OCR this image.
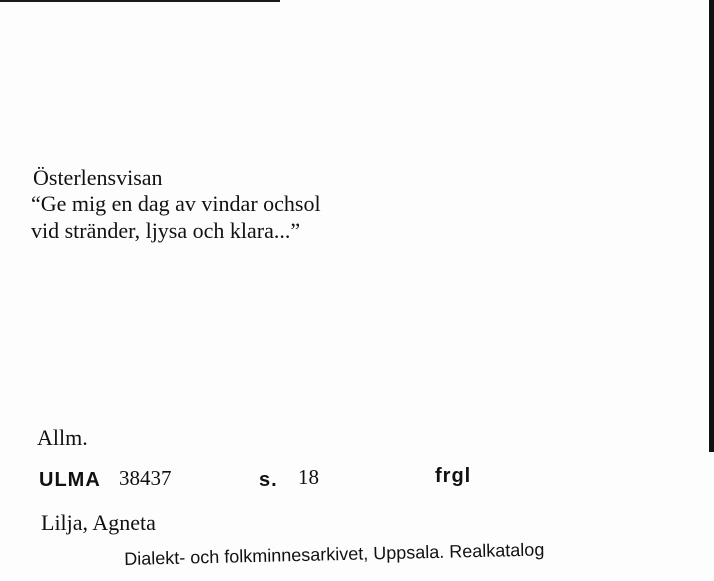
Österlensvisan
“Ge mig en dag av vindar ochsol
vid stränder, ljysa och klara...”
Allm.
ULMA 38437	s. 18	frgl
Lilja, Agneta
Dialekt- och folkminnesarkivet, Uppsala. Realkatalog
